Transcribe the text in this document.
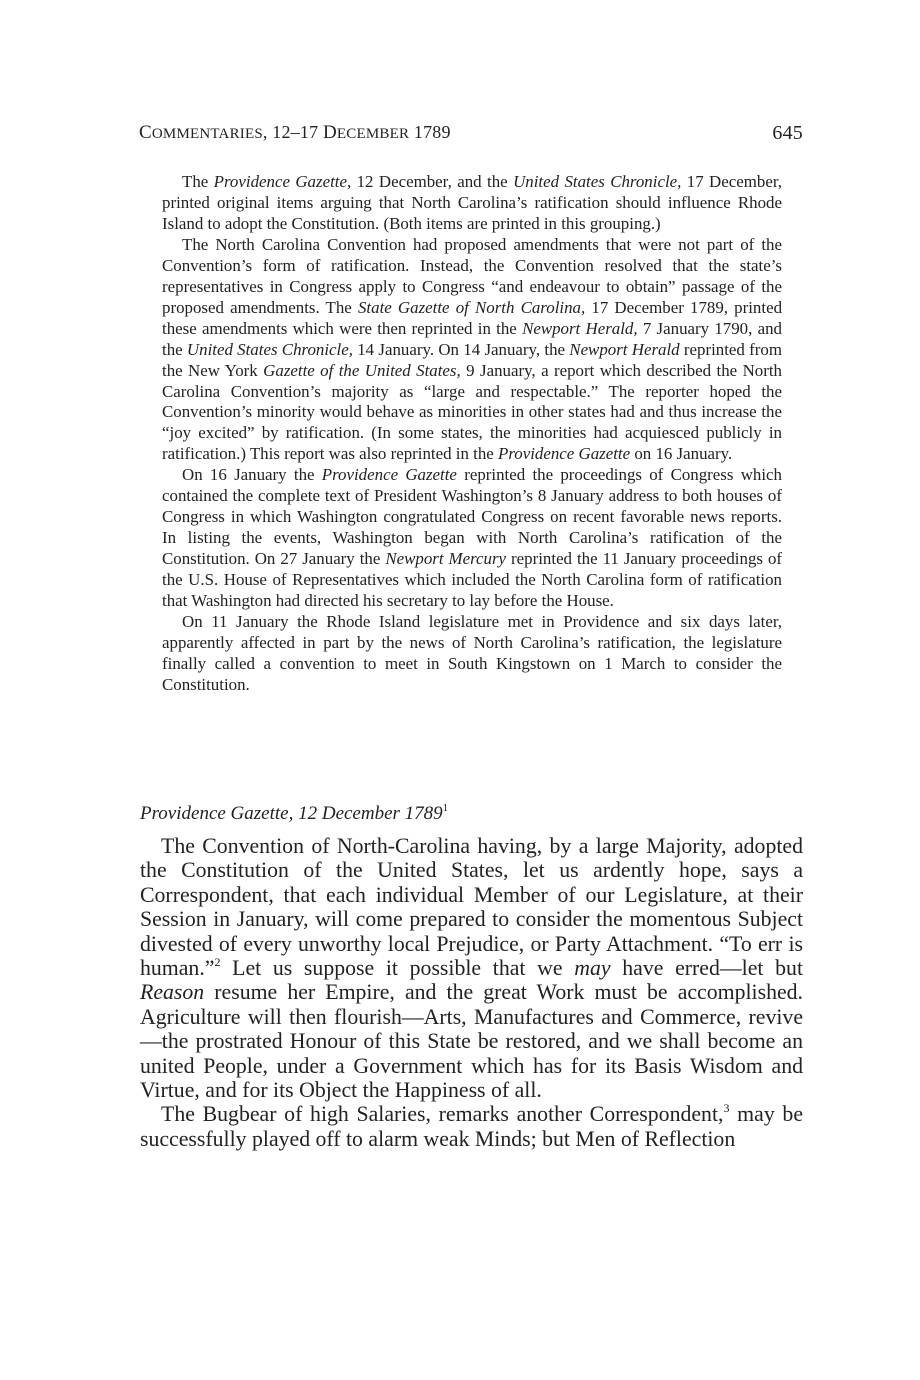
COMMENTARIES, 12–17 DECEMBER 1789	645

The Providence Gazette, 12 December, and the United States Chronicle, 17 December, printed original items arguing that North Carolina’s ratification should influence Rhode Island to adopt the Constitution. (Both items are printed in this grouping.)

The North Carolina Convention had proposed amendments that were not part of the Convention’s form of ratification. Instead, the Convention resolved that the state’s representatives in Congress apply to Congress “and endeavour to obtain” passage of the proposed amendments. The State Gazette of North Carolina, 17 December 1789, printed these amendments which were then reprinted in the Newport Herald, 7 January 1790, and the United States Chronicle, 14 January. On 14 January, the Newport Herald reprinted from the New York Gazette of the United States, 9 January, a report which described the North Carolina Convention’s majority as “large and respectable.” The reporter hoped the Convention’s minority would behave as minorities in other states had and thus increase the “joy excited” by ratification. (In some states, the minorities had acquiesced publicly in ratification.) This report was also reprinted in the Providence Gazette on 16 January.

On 16 January the Providence Gazette reprinted the proceedings of Congress which contained the complete text of President Washington’s 8 January address to both houses of Congress in which Washington congratulated Congress on recent favorable news reports. In listing the events, Washington began with North Carolina’s ratification of the Constitution. On 27 January the Newport Mercury reprinted the 11 January proceedings of the U.S. House of Representatives which included the North Carolina form of ratification that Washington had directed his secretary to lay before the House.

On 11 January the Rhode Island legislature met in Providence and six days later, apparently affected in part by the news of North Carolina’s ratification, the legislature finally called a convention to meet in South Kingstown on 1 March to consider the Constitution.

Providence Gazette, 12 December 1789$^1$

The Convention of North-Carolina having, by a large Majority, adopted the Constitution of the United States, let us ardently hope, says a Correspondent, that each individual Member of our Legislature, at their Session in January, will come prepared to consider the momentous Subject divested of every unworthy local Prejudice, or Party Attachment. “To err is human.”$^2$ Let us suppose it possible that we may have erred—let but Reason resume her Empire, and the great Work must be accomplished. Agriculture will then flourish—Arts, Manufactures and Commerce, revive—the prostrated Honour of this State be restored, and we shall become an united People, under a Government which has for its Basis Wisdom and Virtue, and for its Object the Happiness of all.

The Bugbear of high Salaries, remarks another Correspondent,$^3$ may be successfully played off to alarm weak Minds; but Men of Reflection
